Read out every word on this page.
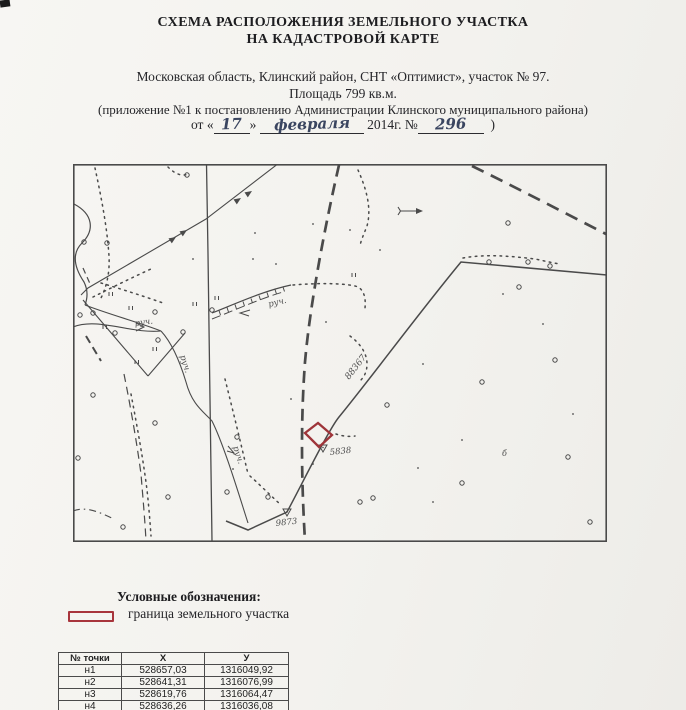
СХЕМА РАСПОЛОЖЕНИЯ ЗЕМЕЛЬНОГО УЧАСТКА
НА КАДАСТРОВОЙ КАРТЕ
Московская область, Клинский район, СНТ «Оптимист», участок № 97.
Площадь 799 кв.м.
(приложение №1 к постановлению Администрации Клинского муниципального района)
от « 17 » февраля 2014г. № 296 )
руч.
руч.
руч.
руч.
88367
5838
9873
б
Условные обозначения:
граница земельного участка
№ точки	X	У
н1	528657,03	1316049,92
н2	528641,31	1316076,99
н3	528619,76	1316064,47
н4	528636,26	1316036,08
